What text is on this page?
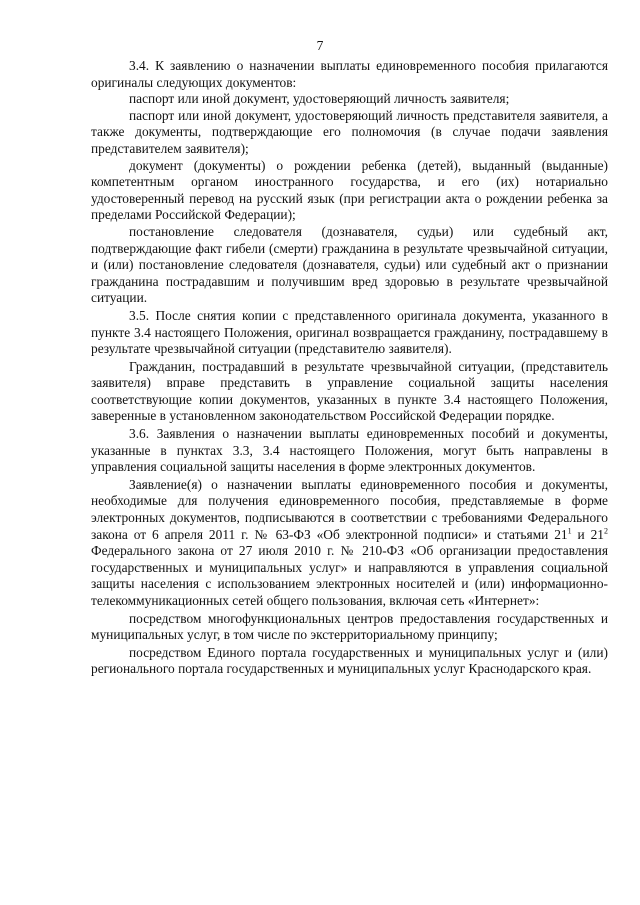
7

3.4. К заявлению о назначении выплаты единовременного пособия прилагаются оригиналы следующих документов:

паспорт или иной документ, удостоверяющий личность заявителя;

паспорт или иной документ, удостоверяющий личность представителя заявителя, а также документы, подтверждающие его полномочия (в случае подачи заявления представителем заявителя);

документ (документы) о рождении ребенка (детей), выданный (выданные) компетентным органом иностранного государства, и его (их) нотариально удостоверенный перевод на русский язык (при регистрации акта о рождении ребенка за пределами Российской Федерации);

постановление следователя (дознавателя, судьи) или судебный акт, подтверждающие факт гибели (смерти) гражданина в результате чрезвычайной ситуации, и (или) постановление следователя (дознавателя, судьи) или судебный акт о признании гражданина пострадавшим и получившим вред здоровью в результате чрезвычайной ситуации.

3.5. После снятия копии с представленного оригинала документа, указанного в пункте 3.4 настоящего Положения, оригинал возвращается гражданину, пострадавшему в результате чрезвычайной ситуации (представителю заявителя).

Гражданин, пострадавший в результате чрезвычайной ситуации, (представитель заявителя) вправе представить в управление социальной защиты населения соответствующие копии документов, указанных в пункте 3.4 настоящего Положения, заверенные в установленном законодательством Российской Федерации порядке.

3.6. Заявления о назначении выплаты единовременных пособий и документы, указанные в пунктах 3.3, 3.4 настоящего Положения, могут быть направлены в управления социальной защиты населения в форме электронных документов.

Заявление(я) о назначении выплаты единовременного пособия и документы, необходимые для получения единовременного пособия, представляемые в форме электронных документов, подписываются в соответствии с требованиями Федерального закона от 6 апреля 2011 г. № 63-ФЗ «Об электронной подписи» и статьями $21^1$ и $21^2$ Федерального закона от 27 июля 2010 г. № 210-ФЗ «Об организации предоставления государственных и муниципальных услуг» и направляются в управления социальной защиты населения с использованием электронных носителей и (или) информационно-телекоммуникационных сетей общего пользования, включая сеть «Интернет»:

посредством многофункциональных центров предоставления государственных и муниципальных услуг, в том числе по экстерриториальному принципу;

посредством Единого портала государственных и муниципальных услуг и (или) регионального портала государственных и муниципальных услуг Краснодарского края.
